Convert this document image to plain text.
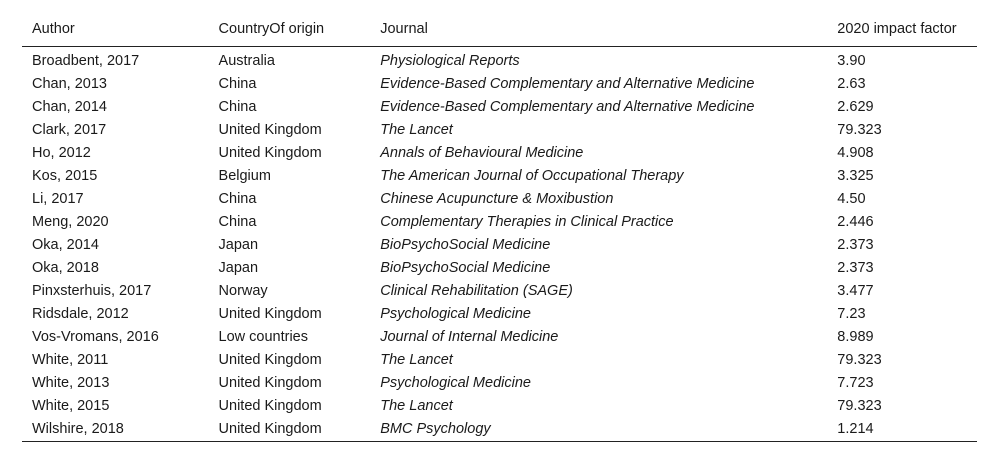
Author	CountryOf origin	Journal	2020 impact factor
Broadbent, 2017	Australia	Physiological Reports	3.90
Chan, 2013	China	Evidence-Based Complementary and Alternative Medicine	2.63
Chan, 2014	China	Evidence-Based Complementary and Alternative Medicine	2.629
Clark, 2017	United Kingdom	The Lancet	79.323
Ho, 2012	United Kingdom	Annals of Behavioural Medicine	4.908
Kos, 2015	Belgium	The American Journal of Occupational Therapy	3.325
Li, 2017	China	Chinese Acupuncture & Moxibustion	4.50
Meng, 2020	China	Complementary Therapies in Clinical Practice	2.446
Oka, 2014	Japan	BioPsychoSocial Medicine	2.373
Oka, 2018	Japan	BioPsychoSocial Medicine	2.373
Pinxsterhuis, 2017	Norway	Clinical Rehabilitation (SAGE)	3.477
Ridsdale, 2012	United Kingdom	Psychological Medicine	7.23
Vos-Vromans, 2016	Low countries	Journal of Internal Medicine	8.989
White, 2011	United Kingdom	The Lancet	79.323
White, 2013	United Kingdom	Psychological Medicine	7.723
White, 2015	United Kingdom	The Lancet	79.323
Wilshire, 2018	United Kingdom	BMC Psychology	1.214
